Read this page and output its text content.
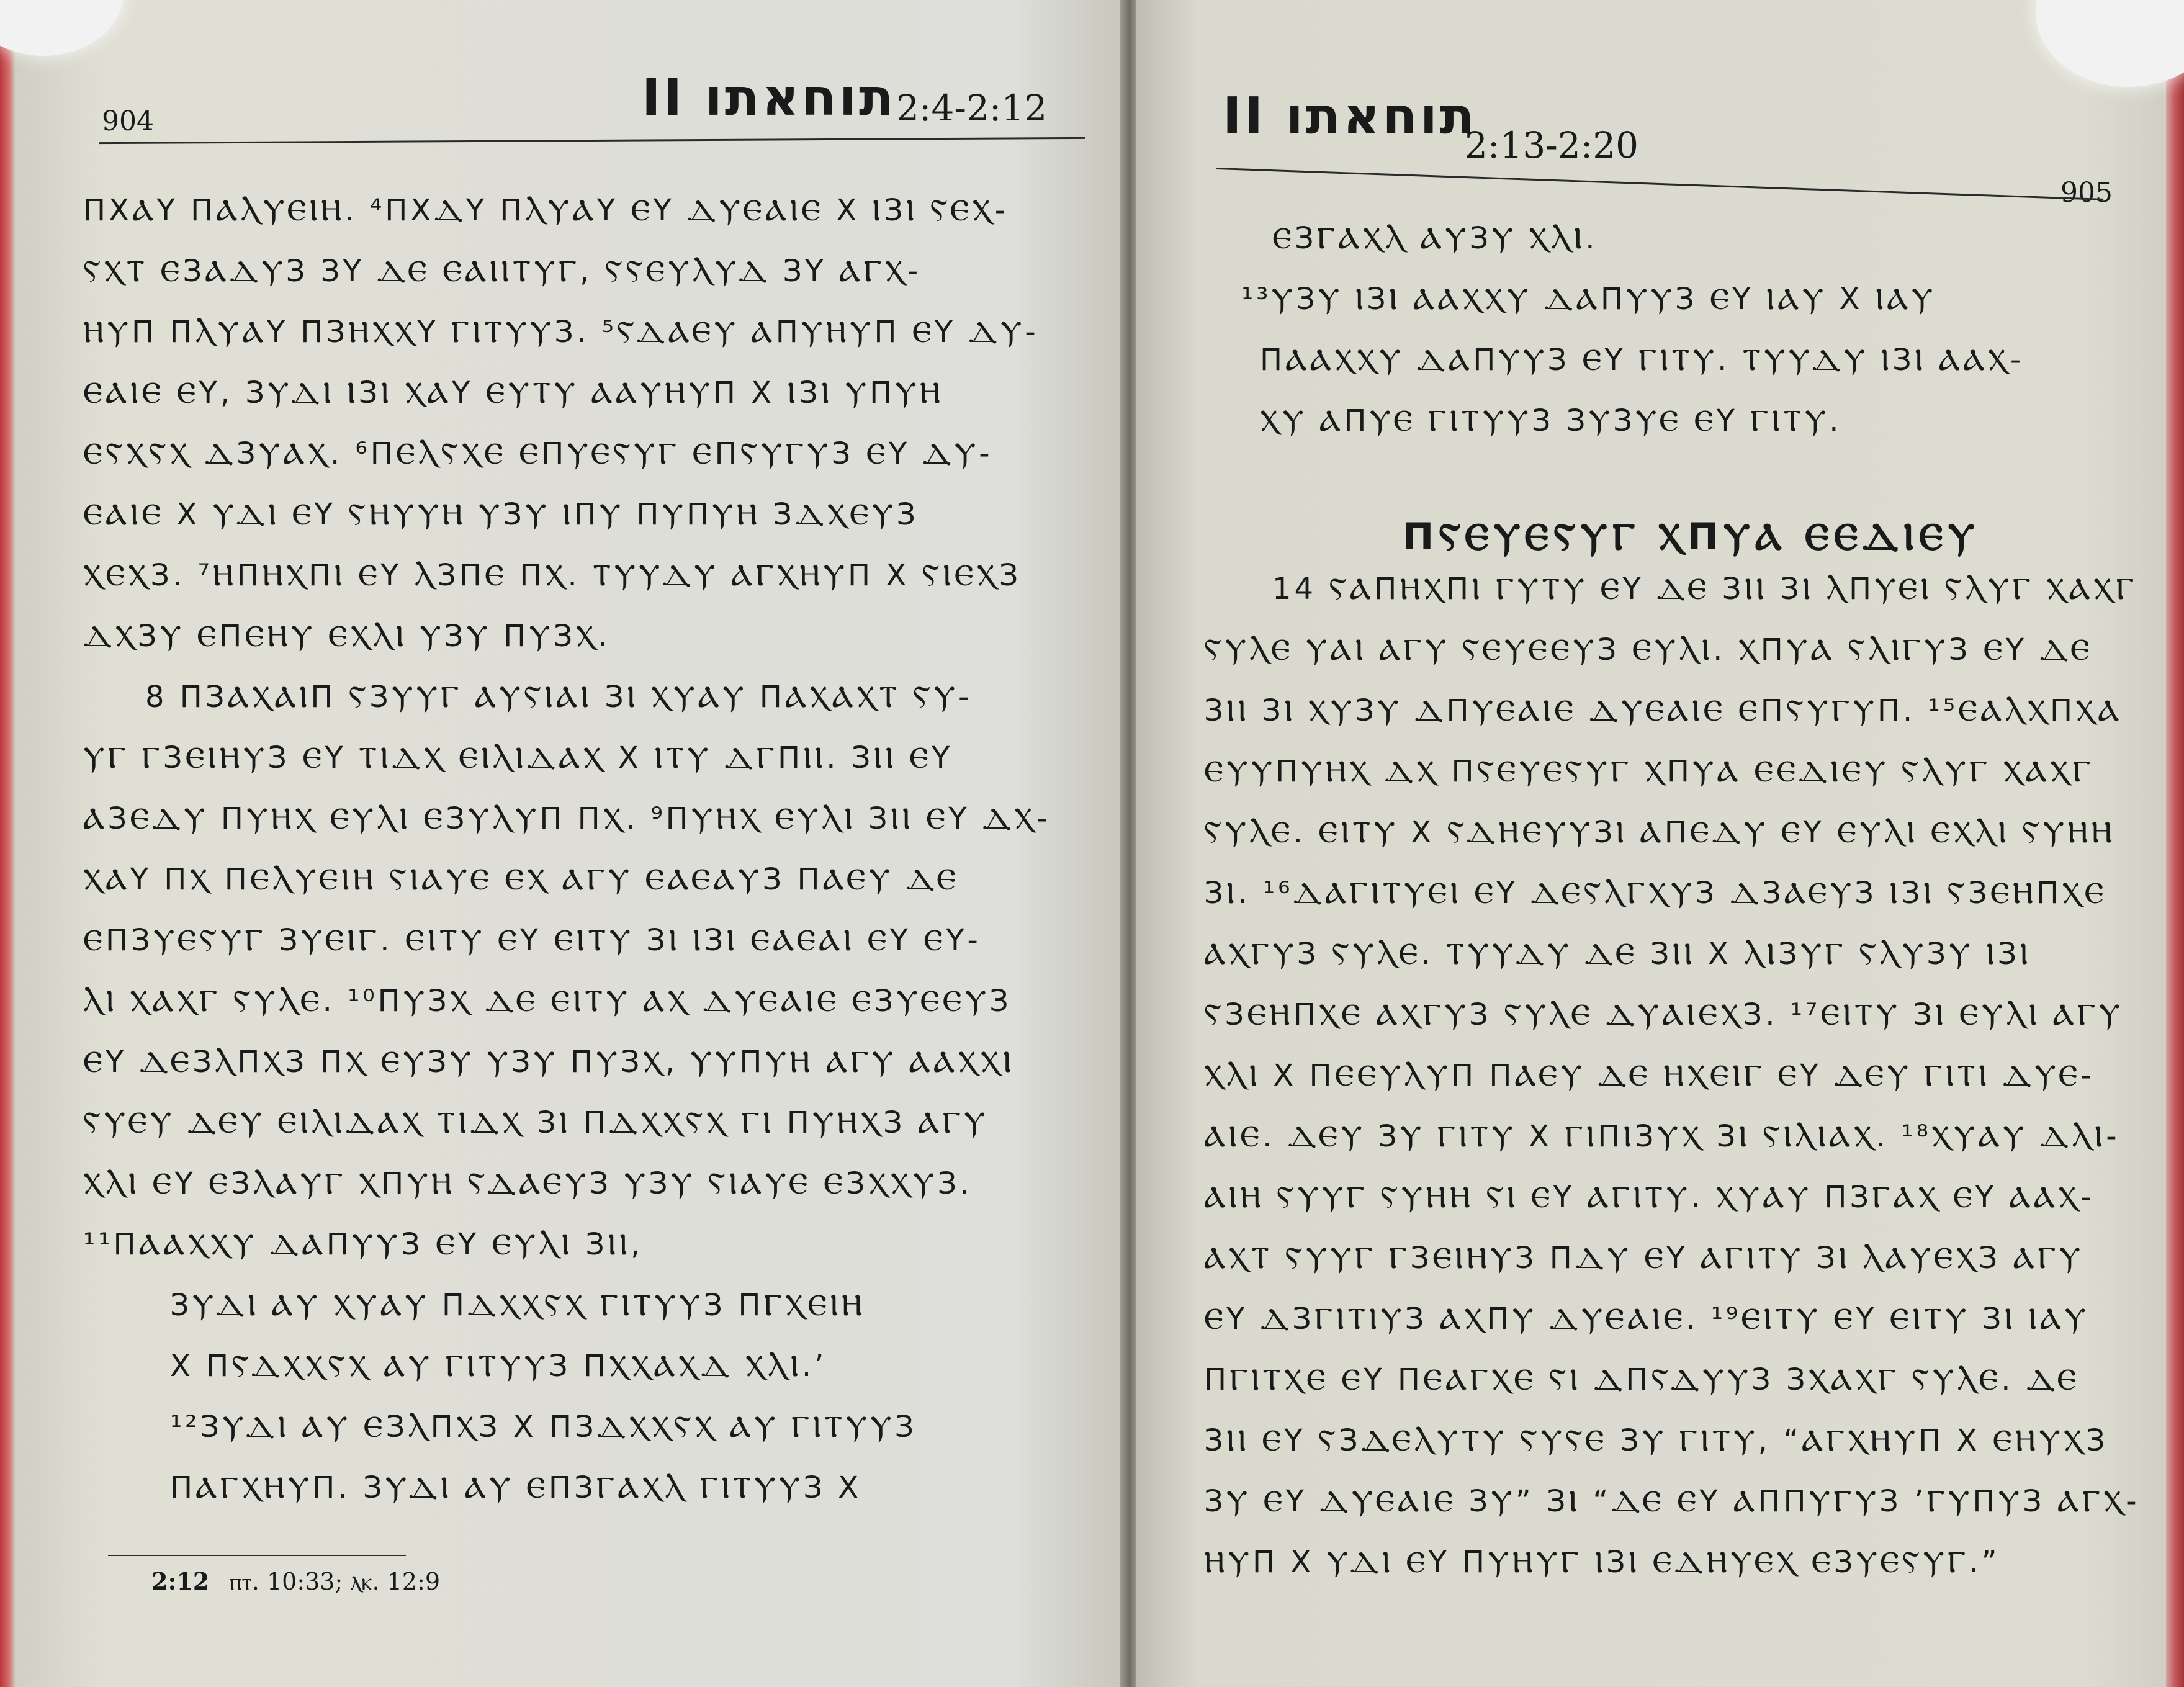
904	II תוחאתו 2:4-2:12
ΠΧⲀΥ ΠⲀⲖⲨⲈⲒⲎ. ⁴ΠΧⲆΥ ΠⲖⲨⲀΥ ⲈΥ ⲆⲨⲈⲀⲒⲈ Χ ⲒЗⲒ ⲊⲈⲬ-
ⲊⲬⲦ ⲈЗⲀⲆⲨЗ ЗΥ ⲆⲈ ⲈⲀⲒⲒⲦⲨⲄ, ⲊⲊⲈⲨⲖⲨⲆ ЗΥ ⲀⲄⲬ-
ⲎⲨΠ ΠⲖⲨⲀΥ ΠЗⲎⲬⲬΥ ⲄⲒⲦⲨⲨЗ. ⁵ⲊⲆⲀⲈⲨ ⲀΠⲨⲎⲨΠ ⲈΥ ⲆⲨ-
ⲈⲀⲒⲈ ⲈΥ, ЗⲨⲆⲒ ⲒЗⲒ ⲬⲀΥ ⲈⲨⲦⲨ ⲀⲀⲨⲎⲨΠ Χ ⲒЗⲒ ⲨΠⲨⲎ
ⲈⲊⲬⲊⲬ ⲆЗⲨⲀⲬ. ⁶ΠⲈⲖⲊⲬⲈ ⲈΠⲨⲈⲊⲨⲄ ⲈΠⲊⲨⲄⲨЗ ⲈΥ ⲆⲨ-
ⲈⲀⲒⲈ Χ ⲨⲆⲒ ⲈΥ ⲊⲎⲨⲨⲎ ⲨЗⲨ ⲒΠⲨ ΠⲨΠⲨⲎ ЗⲆⲬⲈⲨЗ
ⲬⲈⲬЗ. ⁷ⲎΠⲎⲬΠⲒ ⲈΥ ⲖЗΠⲈ ΠⲬ. ⲦⲨⲨⲆⲨ ⲀⲄⲬⲎⲨΠ Χ ⲊⲒⲈⲬЗ
ⲆⲬЗⲨ ⲈΠⲈⲎⲨ ⲈⲬⲖⲒ ⲨЗⲨ ΠⲨЗⲬ.
8 ΠЗⲀⲬⲀⲒΠ ⲊЗⲨⲨⲄ ⲀⲨⲊⲒⲀⲒ ЗⲒ ⲬⲨⲀⲨ ΠⲀⲬⲀⲬⲦ ⲊⲨ-
ⲨⲄ ⲄЗⲈⲒⲎⲨЗ ⲈΥ ⲦⲒⲆⲬ ⲈⲒⲖⲒⲆⲀⲬ Χ ⲒⲦⲨ ⲆⲄΠⲒⲒ. ЗⲒⲒ ⲈΥ
ⲀЗⲈⲆⲨ ΠⲨⲎⲬ ⲈⲨⲖⲒ ⲈЗⲨⲖⲨΠ ΠⲬ. ⁹ΠⲨⲎⲬ ⲈⲨⲖⲒ ЗⲒⲒ ⲈΥ ⲆⲬ-
ⲬⲀΥ ΠⲬ ΠⲈⲖⲨⲈⲒⲎ ⲊⲒⲀⲨⲈ ⲈⲬ ⲀⲄⲨ ⲈⲀⲈⲀⲨЗ ΠⲀⲈⲨ ⲆⲈ
ⲈΠЗⲨⲈⲊⲨⲄ ЗⲨⲈⲒⲄ. ⲈⲒⲦⲨ ⲈΥ ⲈⲒⲦⲨ ЗⲒ ⲒЗⲒ ⲈⲀⲈⲀⲒ ⲈΥ ⲈΥ-
ⲖⲒ ⲬⲀⲬⲄ ⲊⲨⲖⲈ. ¹⁰ΠⲨЗⲬ ⲆⲈ ⲈⲒⲦⲨ ⲀⲬ ⲆⲨⲈⲀⲒⲈ ⲈЗⲨⲈⲈⲨЗ
ⲈΥ ⲆⲈЗⲖΠⲬЗ ΠⲬ ⲈⲨЗⲨ ⲨЗⲨ ΠⲨЗⲬ, ⲨⲨΠⲨⲎ ⲀⲄⲨ ⲀⲀⲬⲬⲒ
ⲊⲨⲈⲨ ⲆⲈⲨ ⲈⲒⲖⲒⲆⲀⲬ ⲦⲒⲆⲬ ЗⲒ ΠⲆⲬⲬⲊⲬ ⲄⲒ ΠⲨⲎⲬЗ ⲀⲄⲨ
ⲬⲖⲒ ⲈΥ ⲈЗⲖⲀⲨⲄ ⲬΠⲨⲎ ⲊⲆⲀⲈⲨЗ ⲨЗⲨ ⲊⲒⲀⲨⲈ ⲈЗⲬⲬⲨЗ.
¹¹ΠⲀⲀⲬⲬⲨ ⲆⲀΠⲨⲨЗ ⲈΥ ⲈⲨⲖⲒ ЗⲒⲒ,
ЗⲨⲆⲒ ⲀⲨ ⲬⲨⲀⲨ ΠⲆⲬⲬⲊⲬ ⲄⲒⲦⲨⲨЗ ΠⲄⲬⲈⲒⲎ
Χ ΠⲊⲆⲬⲬⲊⲬ ⲀⲨ ⲄⲒⲦⲨⲨЗ ΠⲬⲬⲀⲬⲆ ⲬⲖⲒ.’
¹²ЗⲨⲆⲒ ⲀⲨ ⲈЗⲖΠⲬЗ Χ ΠЗⲆⲬⲬⲊⲬ ⲀⲨ ⲄⲒⲦⲨⲨЗ
ΠⲀⲄⲬⲎⲨΠ. ЗⲨⲆⲒ ⲀⲨ ⲈΠЗⲄⲀⲬⲖ ⲄⲒⲦⲨⲨЗ Χ
2:12 ⲡⲧ. 10:33; ⲗⲕ. 12:9
II תוחאתו
2:13-2:20
905
ⲈЗⲄⲀⲬⲖ ⲀⲨЗⲨ ⲬⲖⲒ.
¹³ⲨЗⲨ ⲒЗⲒ ⲀⲀⲬⲬⲨ ⲆⲀΠⲨⲨЗ ⲈΥ ⲒⲀⲨ Χ ⲒⲀⲨ
ΠⲀⲀⲬⲬⲨ ⲆⲀΠⲨⲨЗ ⲈΥ ⲄⲒⲦⲨ. ⲦⲨⲨⲆⲨ ⲒЗⲒ ⲀⲀⲬ-
ⲬⲨ ⲀΠⲨⲈ ⲄⲒⲦⲨⲨЗ ЗⲨЗⲨⲈ ⲈΥ ⲄⲒⲦⲨ.
ΠⲊⲈⲨⲈⲊⲨⲄ ⲬΠⲨⲀ ⲈⲈⲆⲒⲈⲨ
14 ⲊⲀΠⲎⲬΠⲒ ⲄⲨⲦⲨ ⲈΥ ⲆⲈ ЗⲒⲒ ЗⲒ ⲖΠⲨⲈⲒ ⲊⲖⲨⲄ ⲬⲀⲬⲄ
ⲊⲨⲖⲈ ⲨⲀⲒ ⲀⲄⲨ ⲊⲈⲨⲈⲈⲨЗ ⲈⲨⲖⲒ. ⲬΠⲨⲀ ⲊⲖⲒⲄⲨЗ ⲈΥ ⲆⲈ
ЗⲒⲒ ЗⲒ ⲬⲨЗⲨ ⲆΠⲨⲈⲀⲒⲈ ⲆⲨⲈⲀⲒⲈ ⲈΠⲊⲨⲄⲨΠ. ¹⁵ⲈⲀⲖⲬΠⲬⲀ
ⲈⲨⲨΠⲨⲎⲬ ⲆⲬ ΠⲊⲈⲨⲈⲊⲨⲄ ⲬΠⲨⲀ ⲈⲈⲆⲒⲈⲨ ⲊⲖⲨⲄ ⲬⲀⲬⲄ
ⲊⲨⲖⲈ. ⲈⲒⲦⲨ Χ ⲊⲆⲎⲈⲨⲨЗⲒ ⲀΠⲈⲆⲨ ⲈΥ ⲈⲨⲖⲒ ⲈⲬⲖⲒ ⲊⲨⲎⲎ
ЗⲒ. ¹⁶ⲆⲀⲄⲒⲦⲨⲈⲒ ⲈΥ ⲆⲈⲊⲖⲄⲬⲨЗ ⲆЗⲀⲈⲨЗ ⲒЗⲒ ⲊЗⲈⲎΠⲬⲈ
ⲀⲬⲄⲨЗ ⲊⲨⲖⲈ. ⲦⲨⲨⲆⲨ ⲆⲈ ЗⲒⲒ Χ ⲖⲒЗⲨⲄ ⲊⲖⲨЗⲨ ⲒЗⲒ
ⲊЗⲈⲎΠⲬⲈ ⲀⲬⲄⲨЗ ⲊⲨⲖⲈ ⲆⲨⲀⲒⲈⲬЗ. ¹⁷ⲈⲒⲦⲨ ЗⲒ ⲈⲨⲖⲒ ⲀⲄⲨ
ⲬⲖⲒ Χ ΠⲈⲈⲨⲖⲨΠ ΠⲀⲈⲨ ⲆⲈ ⲎⲬⲈⲒⲄ ⲈΥ ⲆⲈⲨ ⲄⲒⲦⲒ ⲆⲨⲈ-
ⲀⲒⲈ. ⲆⲈⲨ ЗⲨ ⲄⲒⲦⲨ Χ ⲄⲒΠⲒЗⲨⲬ ЗⲒ ⲊⲒⲖⲒⲀⲬ. ¹⁸ⲬⲨⲀⲨ ⲆⲖⲒ-
ⲀⲒⲎ ⲊⲨⲨⲄ ⲊⲨⲎⲎ ⲊⲒ ⲈΥ ⲀⲄⲒⲦⲨ. ⲬⲨⲀⲨ ΠЗⲄⲀⲬ ⲈΥ ⲀⲀⲬ-
ⲀⲬⲦ ⲊⲨⲨⲄ ⲄЗⲈⲒⲎⲨЗ ΠⲆⲨ ⲈΥ ⲀⲄⲒⲦⲨ ЗⲒ ⲖⲀⲨⲈⲬЗ ⲀⲄⲨ
ⲈΥ ⲆЗⲄⲒⲦⲒⲨЗ ⲀⲬΠⲨ ⲆⲨⲈⲀⲒⲈ. ¹⁹ⲈⲒⲦⲨ ⲈΥ ⲈⲒⲦⲨ ЗⲒ ⲒⲀⲨ
ΠⲄⲒⲦⲬⲈ ⲈΥ ΠⲈⲀⲄⲬⲈ ⲊⲒ ⲆΠⲊⲆⲨⲨЗ ЗⲬⲀⲬⲄ ⲊⲨⲖⲈ. ⲆⲈ
ЗⲒⲒ ⲈΥ ⲊЗⲆⲈⲖⲨⲦⲨ ⲊⲨⲊⲈ ЗⲨ ⲄⲒⲦⲨ, “ⲀⲄⲬⲎⲨΠ Χ ⲈⲎⲨⲬЗ
ЗⲨ ⲈΥ ⲆⲨⲈⲀⲒⲈ ЗⲨ” ЗⲒ “ⲆⲈ ⲈΥ ⲀΠΠⲨⲄⲨЗ ’ⲄⲨΠⲨЗ ⲀⲄⲬ-
ⲎⲨΠ Χ ⲨⲆⲒ ⲈΥ ΠⲨⲎⲨⲄ ⲒЗⲒ ⲈⲆⲎⲨⲈⲬ ⲈЗⲨⲈⲊⲨⲄ.”
